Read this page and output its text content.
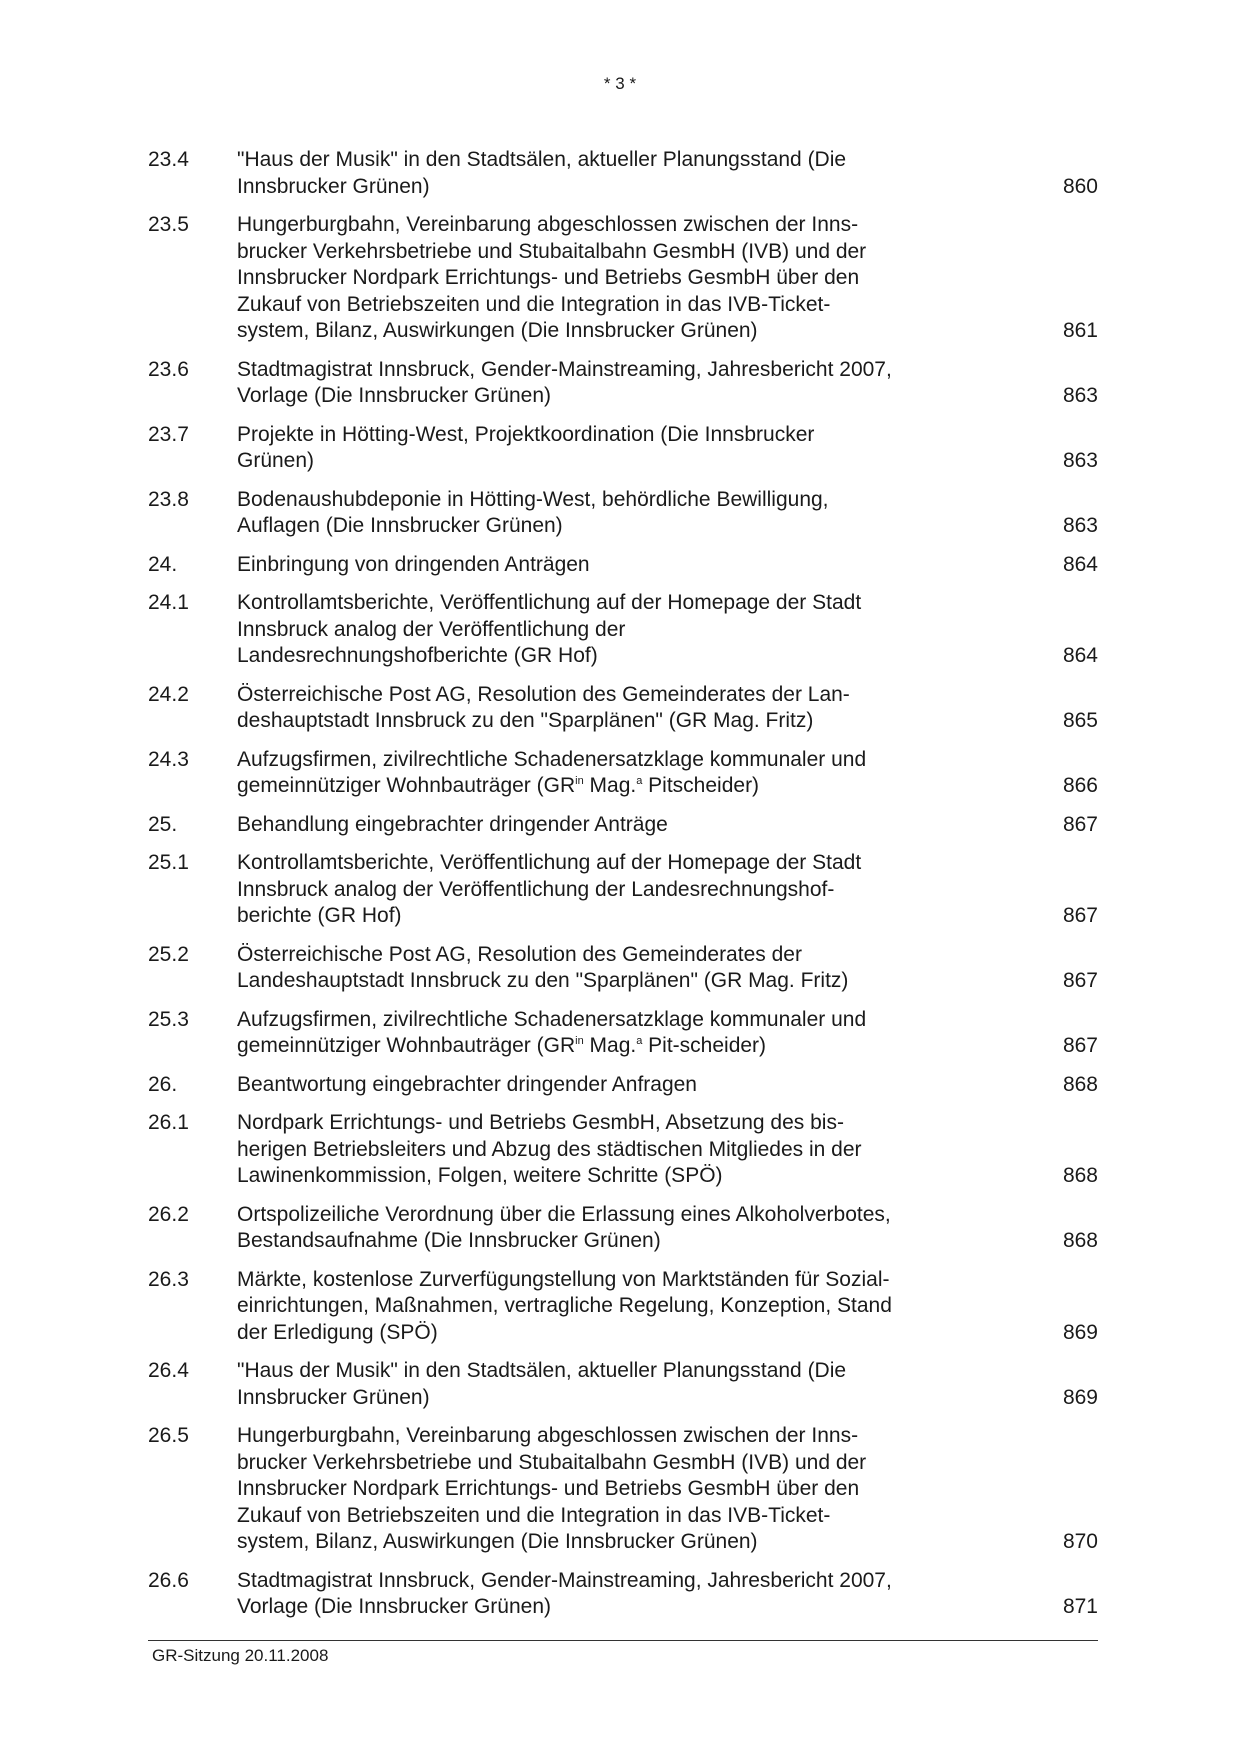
* 3 *
23.4	"Haus der Musik" in den Stadtsälen, aktueller Planungsstand (Die
Innsbrucker Grünen)	860
23.5	Hungerburgbahn, Vereinbarung abgeschlossen zwischen der Inns-
brucker Verkehrsbetriebe und Stubaitalbahn GesmbH (IVB) und der
Innsbrucker Nordpark Errichtungs- und Betriebs GesmbH über den
Zukauf von Betriebszeiten und die Integration in das IVB-Ticket-
system, Bilanz, Auswirkungen (Die Innsbrucker Grünen)	861
23.6	Stadtmagistrat Innsbruck, Gender-Mainstreaming, Jahresbericht 2007,
Vorlage (Die Innsbrucker Grünen)	863
23.7	Projekte in Hötting-West, Projektkoordination (Die Innsbrucker
Grünen)	863
23.8	Bodenaushubdeponie in Hötting-West, behördliche Bewilligung,
Auflagen (Die Innsbrucker Grünen)	863
24.	Einbringung von dringenden Anträgen	864
24.1	Kontrollamtsberichte, Veröffentlichung auf der Homepage der Stadt
Innsbruck analog der Veröffentlichung der
Landesrechnungshofberichte (GR Hof)	864
24.2	Österreichische Post AG, Resolution des Gemeinderates der Lan-
deshauptstadt Innsbruck zu den "Sparplänen" (GR Mag. Fritz)	865
24.3	Aufzugsfirmen, zivilrechtliche Schadenersatzklage kommunaler und
gemeinnütziger Wohnbauträger ($GR^{in}$ Mag.$^a$ Pitscheider)	866
25.	Behandlung eingebrachter dringender Anträge	867
25.1	Kontrollamtsberichte, Veröffentlichung auf der Homepage der Stadt
Innsbruck analog der Veröffentlichung der Landesrechnungshof-
berichte (GR Hof)	867
25.2	Österreichische Post AG, Resolution des Gemeinderates der
Landeshauptstadt Innsbruck zu den "Sparplänen" (GR Mag. Fritz)	867
25.3	Aufzugsfirmen, zivilrechtliche Schadenersatzklage kommunaler und
gemeinnütziger Wohnbauträger ($GR^{in}$ Mag.$^a$ Pit-scheider)	867
26.	Beantwortung eingebrachter dringender Anfragen	868
26.1	Nordpark Errichtungs- und Betriebs GesmbH, Absetzung des bis-
herigen Betriebsleiters und Abzug des städtischen Mitgliedes in der
Lawinenkommission, Folgen, weitere Schritte (SPÖ)	868
26.2	Ortspolizeiliche Verordnung über die Erlassung eines Alkoholverbotes,
Bestandsaufnahme (Die Innsbrucker Grünen)	868
26.3	Märkte, kostenlose Zurverfügungstellung von Marktständen für Sozial-
einrichtungen, Maßnahmen, vertragliche Regelung, Konzeption, Stand
der Erledigung (SPÖ)	869
26.4	"Haus der Musik" in den Stadtsälen, aktueller Planungsstand (Die
Innsbrucker Grünen)	869
26.5	Hungerburgbahn, Vereinbarung abgeschlossen zwischen der Inns-
brucker Verkehrsbetriebe und Stubaitalbahn GesmbH (IVB) und der
Innsbrucker Nordpark Errichtungs- und Betriebs GesmbH über den
Zukauf von Betriebszeiten und die Integration in das IVB-Ticket-
system, Bilanz, Auswirkungen (Die Innsbrucker Grünen)	870
26.6	Stadtmagistrat Innsbruck, Gender-Mainstreaming, Jahresbericht 2007,
Vorlage (Die Innsbrucker Grünen)	871
GR-Sitzung 20.11.2008
